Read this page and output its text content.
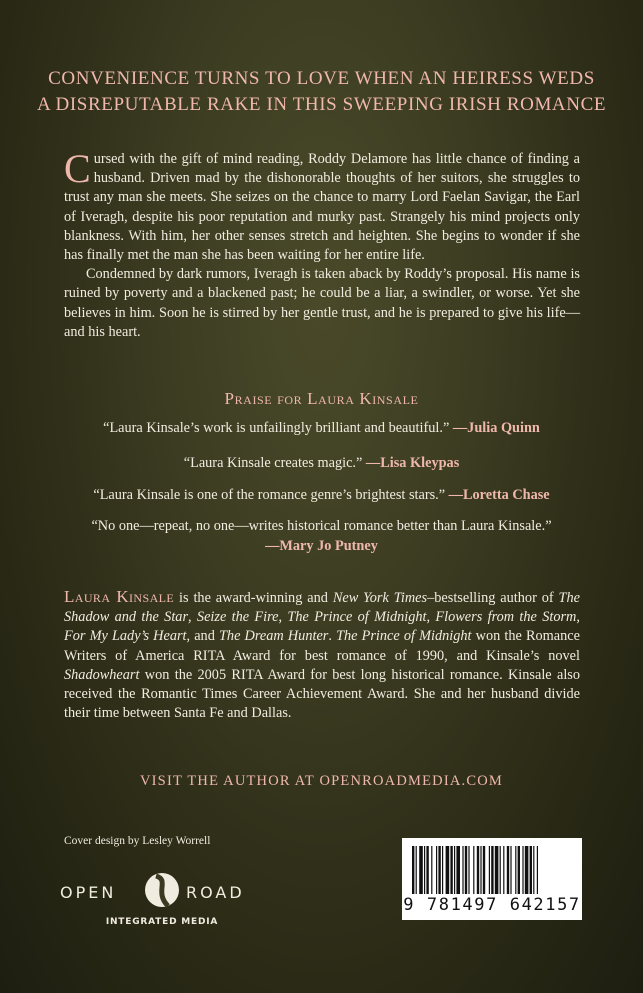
CONVENIENCE TURNS TO LOVE WHEN AN HEIRESS WEDS
A DISREPUTABLE RAKE IN THIS SWEEPING IRISH ROMANCE

Cursed with the gift of mind reading, Roddy Delamore has little chance of finding a husband. Driven mad by the dishonorable thoughts of her suitors, she struggles to trust any man she meets. She seizes on the chance to marry Lord Faelan Savigar, the Earl of Iveragh, despite his poor reputation and murky past. Strangely his mind projects only blankness. With him, her other senses stretch and heighten. She begins to wonder if she has finally met the man she has been waiting for her entire life.

Condemned by dark rumors, Iveragh is taken aback by Roddy’s proposal. His name is ruined by poverty and a blackened past; he could be a liar, a swindler, or worse. Yet she believes in him. Soon he is stirred by her gentle trust, and he is prepared to give his life—and his heart.

Praise for Laura Kinsale
“Laura Kinsale’s work is unfailingly brilliant and beautiful.” —Julia Quinn
“Laura Kinsale creates magic.” —Lisa Kleypas
“Laura Kinsale is one of the romance genre’s brightest stars.” —Loretta Chase
“No one—repeat, no one—writes historical romance better than Laura Kinsale.”
—Mary Jo Putney
Laura Kinsale is the award-winning and New York Times–bestselling author of The Shadow and the Star, Seize the Fire, The Prince of Midnight, Flowers from the Storm, For My Lady’s Heart, and The Dream Hunter. The Prince of Midnight won the Romance Writers of America RITA Award for best romance of 1990, and Kinsale’s novel Shadowheart won the 2005 RITA Award for best long historical romance. Kinsale also received the Romantic Times Career Achievement Award. She and her husband divide their time between Santa Fe and Dallas.
VISIT THE AUTHOR AT OPENROADMEDIA.COM
Cover design by Lesley Worrell
OPEN	ROAD
INTEGRATED MEDIA
9 781497 642157
